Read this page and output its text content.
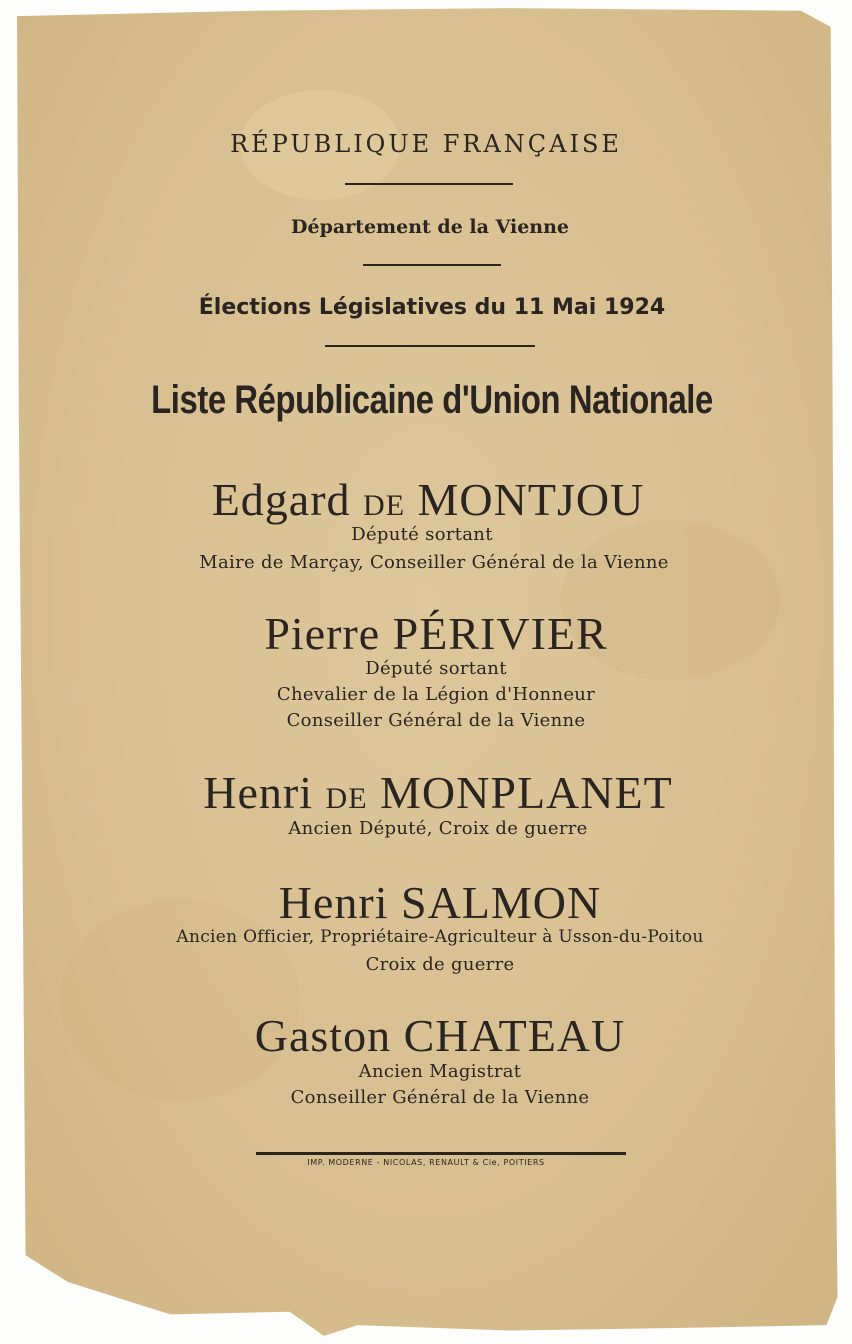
RÉPUBLIQUE FRANÇAISE
Département de la Vienne
Élections Législatives du 11 Mai 1924
Liste Républicaine d'Union Nationale
Edgard DE MONTJOU
Député sortant
Maire de Marçay, Conseiller Général de la Vienne
Pierre PÉRIVIER
Député sortant
Chevalier de la Légion d'Honneur
Conseiller Général de la Vienne
Henri DE MONPLANET
Ancien Député, Croix de guerre
Henri SALMON
Ancien Officier, Propriétaire-Agriculteur à Usson-du-Poitou
Croix de guerre
Gaston CHATEAU
Ancien Magistrat
Conseiller Général de la Vienne
IMP. MODERNE - NICOLAS, RENAULT & Cie, POITIERS
